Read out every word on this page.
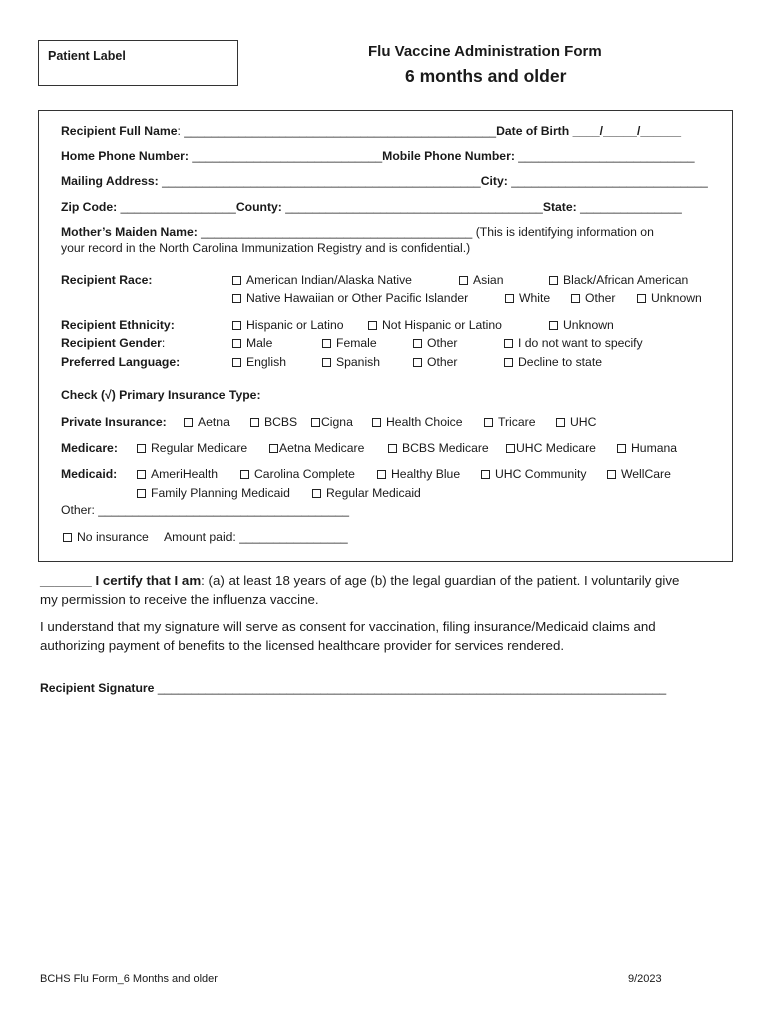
Patient Label	Flu Vaccine Administration Form
6 months and older
Recipient Full Name: ______________________________________________Date of Birth ____/_____/______
Home Phone Number: ____________________________Mobile Phone Number: __________________________
Mailing Address: _______________________________________________City: _____________________________
Zip Code: _________________County: ______________________________________State: _______________
Mother’s Maiden Name: ________________________________________ (This is identifying information on
your record in the North Carolina Immunization Registry and is confidential.)
Recipient Race:	American Indian/Alaska Native	Asian	Black/African American
Native Hawaiian or Other Pacific Islander	White	Other	Unknown
Recipient Ethnicity:	Hispanic or Latino	Not Hispanic or Latino	Unknown
Recipient Gender:	Male	Female	Other	I do not want to specify
Preferred Language:	English	Spanish	Other	Decline to state
Check (√) Primary Insurance Type:
Private Insurance:	Aetna	BCBS	Cigna	Health Choice	Tricare	UHC
Medicare:	Regular Medicare	Aetna Medicare	BCBS Medicare	UHC Medicare	Humana
Medicaid:	AmeriHealth	Carolina Complete	Healthy Blue	UHC Community	WellCare
Family Planning Medicaid	Regular Medicaid
Other: _____________________________________
No insurance Amount paid: ________________
_______ I certify that I am: (a) at least 18 years of age (b) the legal guardian of the patient. I voluntarily give
my permission to receive the influenza vaccine.
I understand that my signature will serve as consent for vaccination, filing insurance/Medicaid claims and
authorizing payment of benefits to the licensed healthcare provider for services rendered.
Recipient Signature ___________________________________________________________________________
BCHS Flu Form_6 Months and older	9/2023
